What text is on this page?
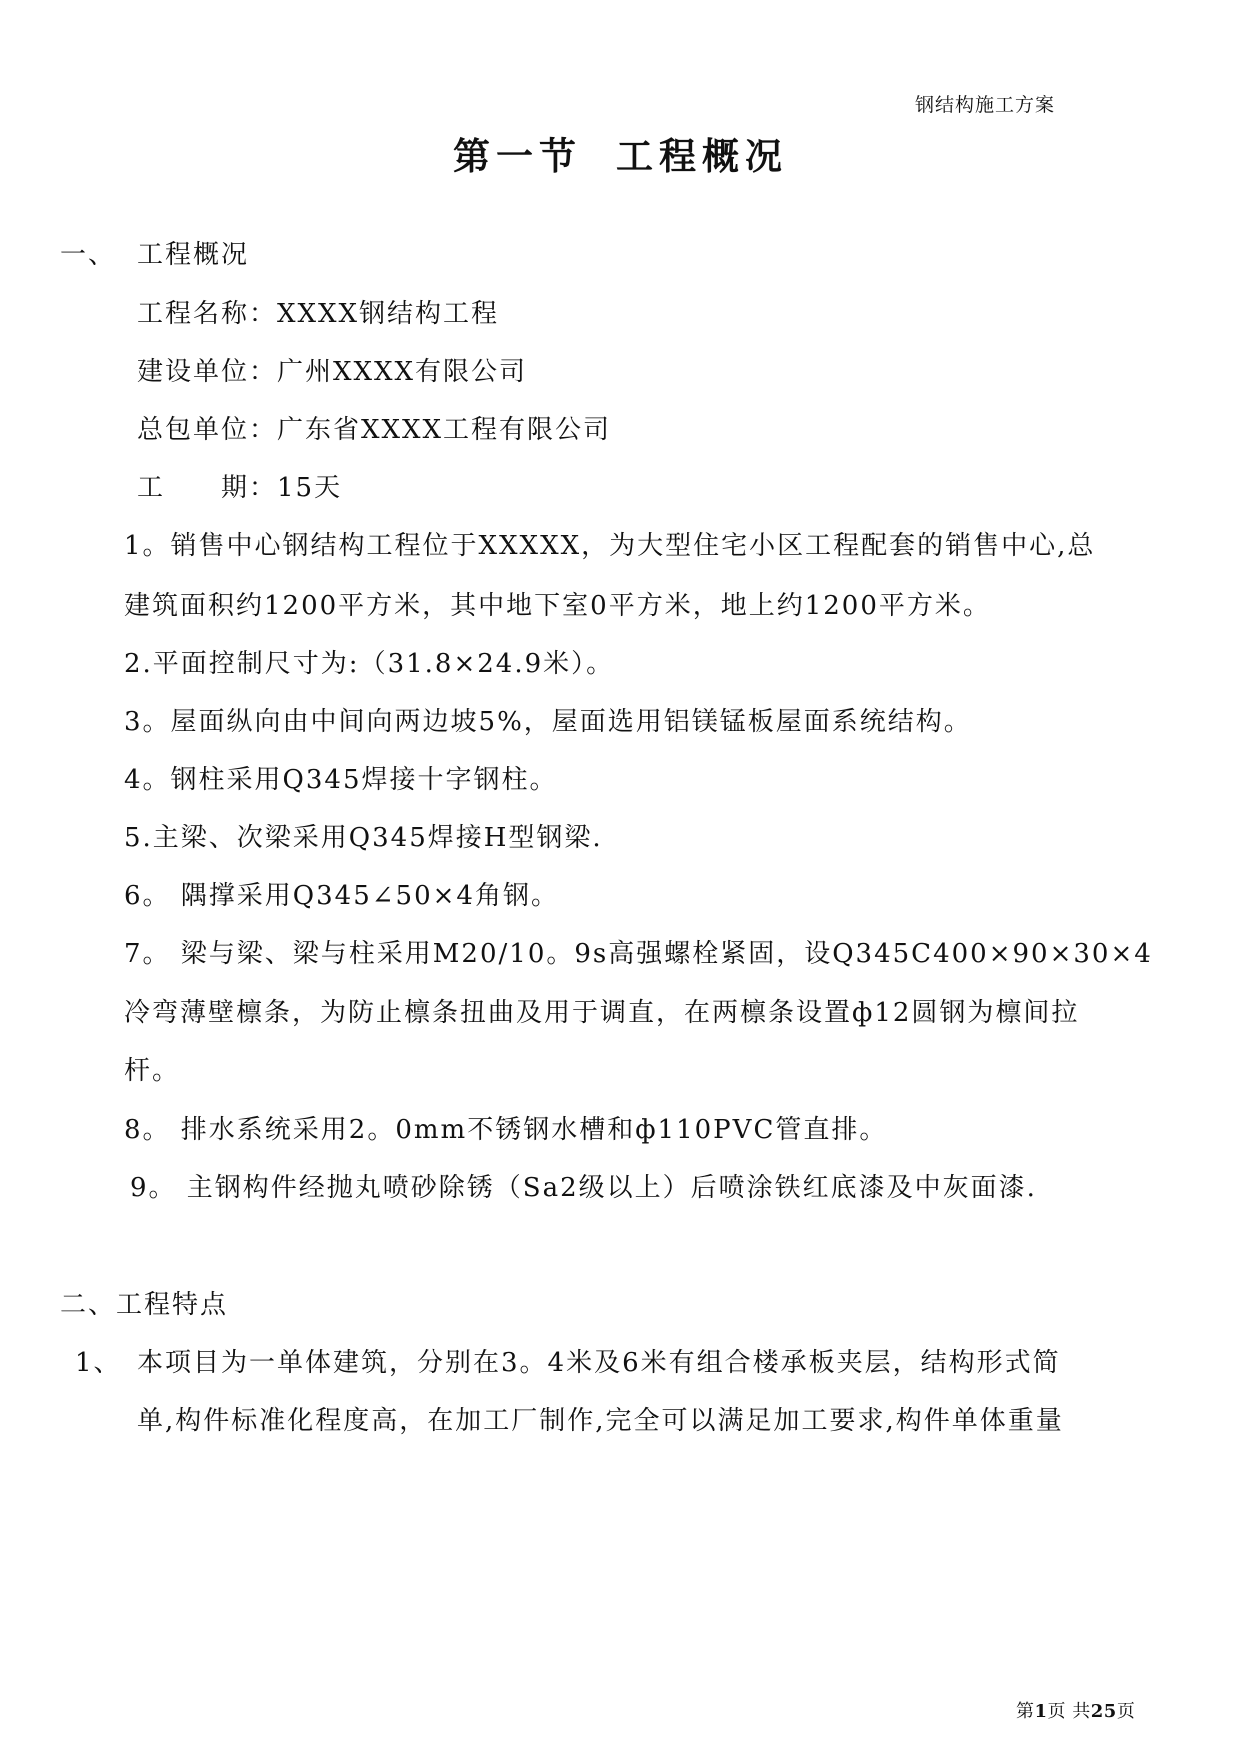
钢结构施工方案
第一节 工程概况
一、 工程概况
工程名称：XXXX钢结构工程
建设单位：广州XXXX有限公司
总包单位：广东省XXXX工程有限公司
工 期：15天
1。销售中心钢结构工程位于XXXXX，为大型住宅小区工程配套的销售中心,总
建筑面积约1200平方米，其中地下室0平方米，地上约1200平方米。
2.平面控制尺寸为:（31.8×24.9米）。
3。屋面纵向由中间向两边坡5%，屋面选用铝镁锰板屋面系统结构。
4。钢柱采用Q345焊接十字钢柱。
5.主梁、次梁采用Q345焊接H型钢梁.
6。 隅撑采用Q345∠50×4角钢。
7。 梁与梁、梁与柱采用M20/10。9s高强螺栓紧固，设Q345C400×90×30×4
冷弯薄壁檩条，为防止檩条扭曲及用于调直，在两檩条设置ф12圆钢为檩间拉
杆。
8。 排水系统采用2。0mm不锈钢水槽和ф110PVC管直排。
9。 主钢构件经抛丸喷砂除锈（Sa2级以上）后喷涂铁红底漆及中灰面漆.
二、工程特点
1、 本项目为一单体建筑，分别在3。4米及6米有组合楼承板夹层，结构形式简
单,构件标准化程度高，在加工厂制作,完全可以满足加工要求,构件单体重量
第1页 共25页
